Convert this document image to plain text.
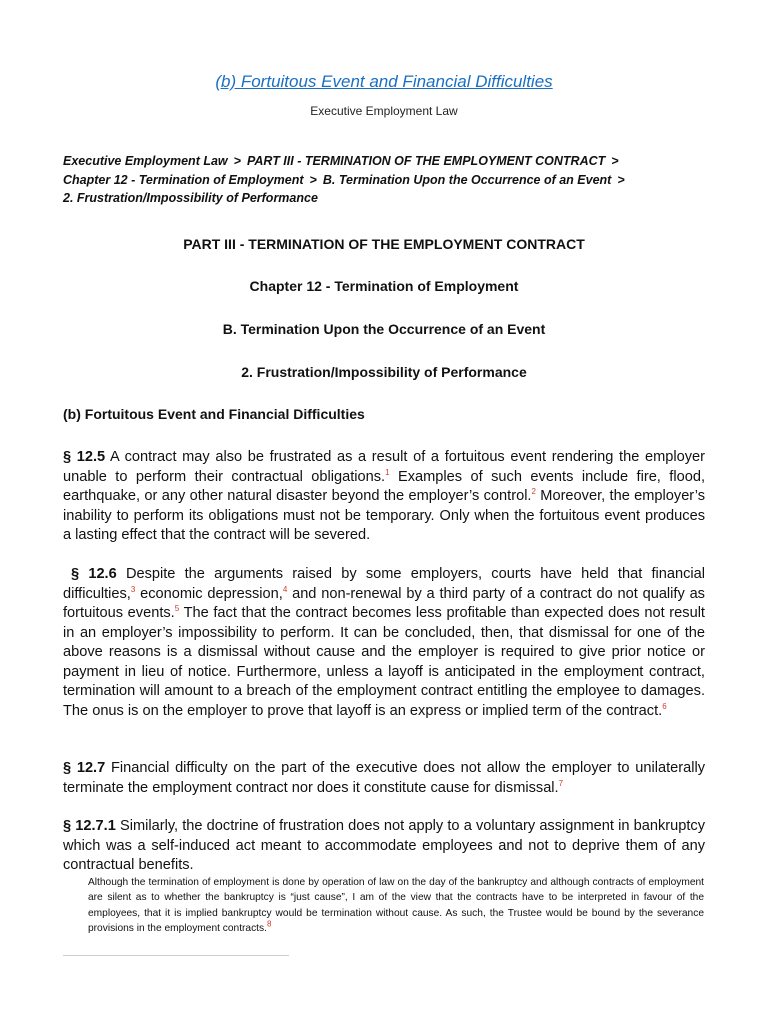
(b) Fortuitous Event and Financial Difficulties
Executive Employment Law
Executive Employment Law > PART III - TERMINATION OF THE EMPLOYMENT CONTRACT >
Chapter 12 - Termination of Employment > B. Termination Upon the Occurrence of an Event >
2. Frustration/Impossibility of Performance
PART III - TERMINATION OF THE EMPLOYMENT CONTRACT
Chapter 12 - Termination of Employment
B. Termination Upon the Occurrence of an Event
2. Frustration/Impossibility of Performance
(b) Fortuitous Event and Financial Difficulties

§ 12.5 A contract may also be frustrated as a result of a fortuitous event rendering the employer unable to perform their contractual obligations.$^1$ Examples of such events include fire, flood, earthquake, or any other natural disaster beyond the employer’s control.$^2$ Moreover, the employer’s inability to perform its obligations must not be temporary. Only when the fortuitous event produces a lasting effect that the contract will be severed.

§ 12.6 Despite the arguments raised by some employers, courts have held that financial difficulties,$^3$ economic depression,$^4$ and non-renewal by a third party of a contract do not qualify as fortuitous events.$^5$ The fact that the contract becomes less profitable than expected does not result in an employer’s impossibility to perform. It can be concluded, then, that dismissal for one of the above reasons is a dismissal without cause and the employer is required to give prior notice or payment in lieu of notice. Furthermore, unless a layoff is anticipated in the employment contract, termination will amount to a breach of the employment contract entitling the employee to damages. The onus is on the employer to prove that layoff is an express or implied term of the contract.$^6$

§ 12.7 Financial difficulty on the part of the executive does not allow the employer to unilaterally terminate the employment contract nor does it constitute cause for dismissal.$^7$

§ 12.7.1 Similarly, the doctrine of frustration does not apply to a voluntary assignment in bankruptcy which was a self-induced act meant to accommodate employees and not to deprive them of any contractual benefits.

Although the termination of employment is done by operation of law on the day of the bankruptcy and although contracts of employment are silent as to whether the bankruptcy is “just cause”, I am of the view that the contracts have to be interpreted in favour of the employees, that it is implied bankruptcy would be termination without cause. As such, the Trustee would be bound by the severance provisions in the employment contracts.$^8$
